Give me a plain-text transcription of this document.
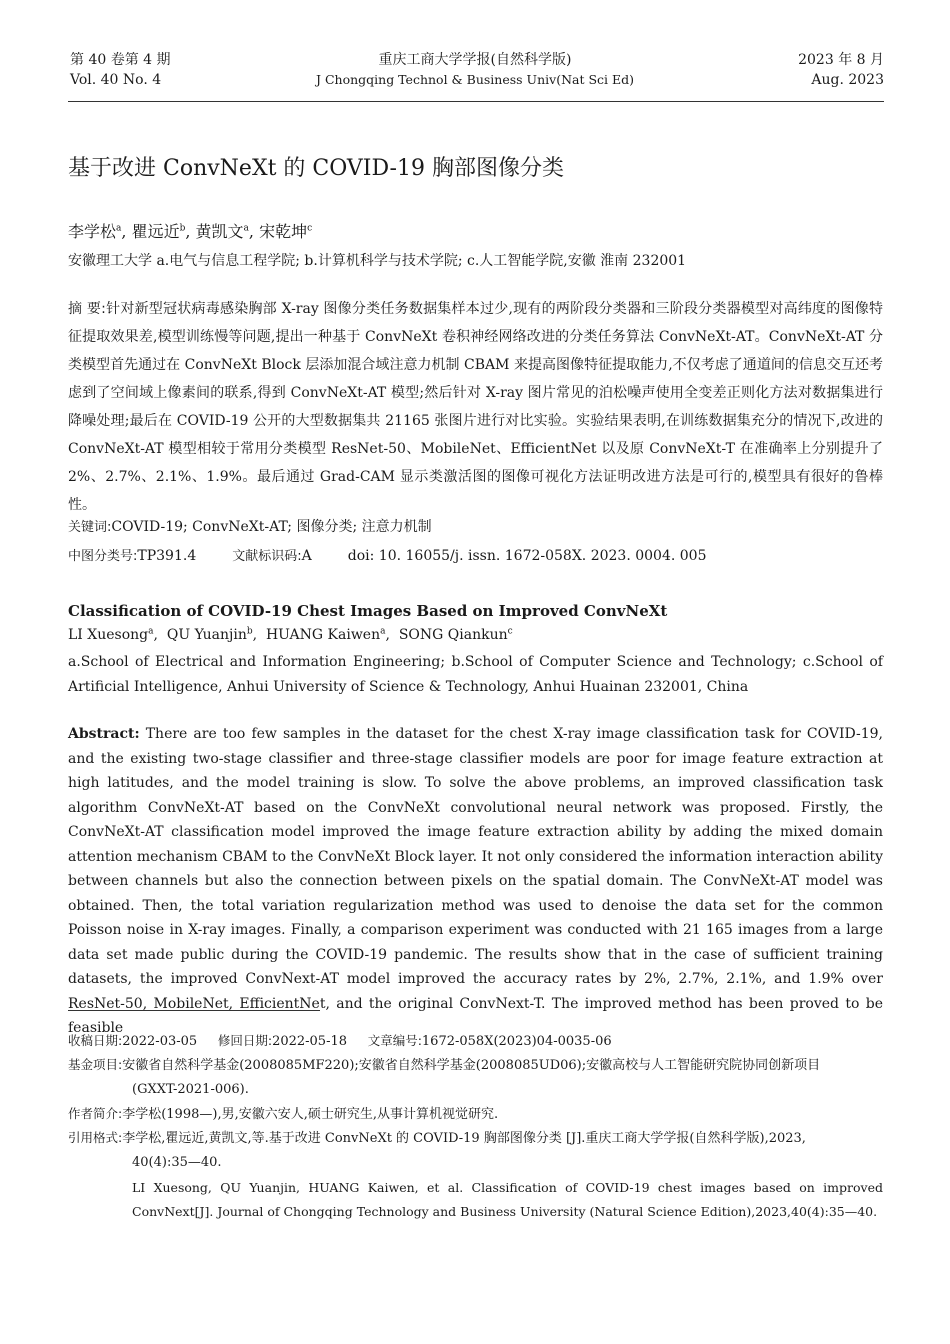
第 40 卷第 4 期
Vol. 40 No. 4
重庆工商大学学报(自然科学版)
J Chongqing Technol & Business Univ(Nat Sci Ed)
2023 年 8 月
Aug. 2023
基于改进 ConvNeXt 的 COVID-19 胸部图像分类
李学松$^a$, 瞿远近$^b$, 黄凯文$^a$, 宋乾坤$^c$
安徽理工大学 a.电气与信息工程学院; b.计算机科学与技术学院; c.人工智能学院,安徽 淮南 232001
摘 要:针对新型冠状病毒感染胸部 X-ray 图像分类任务数据集样本过少,现有的两阶段分类器和三阶段分类器模型对高纬度的图像特征提取效果差,模型训练慢等问题,提出一种基于 ConvNeXt 卷积神经网络改进的分类任务算法 ConvNeXt-AT。ConvNeXt-AT 分类模型首先通过在 ConvNeXt Block 层添加混合域注意力机制 CBAM 来提高图像特征提取能力,不仅考虑了通道间的信息交互还考虑到了空间域上像素间的联系,得到 ConvNeXt-AT 模型;然后针对 X-ray 图片常见的泊松噪声使用全变差正则化方法对数据集进行降噪处理;最后在 COVID-19 公开的大型数据集共 21165 张图片进行对比实验。实验结果表明,在训练数据集充分的情况下,改进的 ConvNeXt-AT 模型相较于常用分类模型 ResNet-50、MobileNet、EfficientNet 以及原 ConvNeXt-T 在准确率上分别提升了 2%、2.7%、2.1%、1.9%。最后通过 Grad-CAM 显示类激活图的图像可视化方法证明改进方法是可行的,模型具有很好的鲁棒性。
关键词:COVID-19; ConvNeXt-AT; 图像分类; 注意力机制
中图分类号:TP391.4	文献标识码:A	doi: 10. 16055/j. issn. 1672-058X. 2023. 0004. 005
Classification of COVID-19 Chest Images Based on Improved ConvNeXt
LI Xuesong$^a$,  QU Yuanjin$^b$,  HUANG Kaiwen$^a$,  SONG Qiankun$^c$
a.School of Electrical and Information Engineering; b.School of Computer Science and Technology; c.School of Artificial Intelligence, Anhui University of Science & Technology, Anhui Huainan 232001, China
Abstract: There are too few samples in the dataset for the chest X-ray image classification task for COVID-19, and the existing two-stage classifier and three-stage classifier models are poor for image feature extraction at high latitudes, and the model training is slow. To solve the above problems, an improved classification task algorithm ConvNeXt-AT based on the ConvNeXt convolutional neural network was proposed. Firstly, the ConvNeXt-AT classification model improved the image feature extraction ability by adding the mixed domain attention mechanism CBAM to the ConvNeXt Block layer. It not only considered the information interaction ability between channels but also the connection between pixels on the spatial domain. The ConvNeXt-AT model was obtained. Then, the total variation regularization method was used to denoise the data set for the common Poisson noise in X-ray images. Finally, a comparison experiment was conducted with 21 165 images from a large data set made public during the COVID-19 pandemic. The results show that in the case of sufficient training datasets, the improved ConvNext-AT model improved the accuracy rates by 2%, 2.7%, 2.1%, and 1.9% over ResNet-50, MobileNet, EfficientNet, and the original ConvNext-T. The improved method has been proved to be feasible
收稿日期:2022-03-05 修回日期:2022-05-18 文章编号:1672-058X(2023)04-0035-06
基金项目:安徽省自然科学基金(2008085MF220);安徽省自然科学基金(2008085UD06);安徽高校与人工智能研究院协同创新项目
(GXXT-2021-006).
作者简介:李学松(1998—),男,安徽六安人,硕士研究生,从事计算机视觉研究.
引用格式:李学松,瞿远近,黄凯文,等.基于改进 ConvNeXt 的 COVID-19 胸部图像分类 [J].重庆工商大学学报(自然科学版),2023,
40(4):35—40.
LI Xuesong, QU Yuanjin, HUANG Kaiwen, et al. Classification of COVID-19 chest images based on improved ConvNext[J]. Journal of Chongqing Technology and Business University (Natural Science Edition),2023,40(4):35—40.
